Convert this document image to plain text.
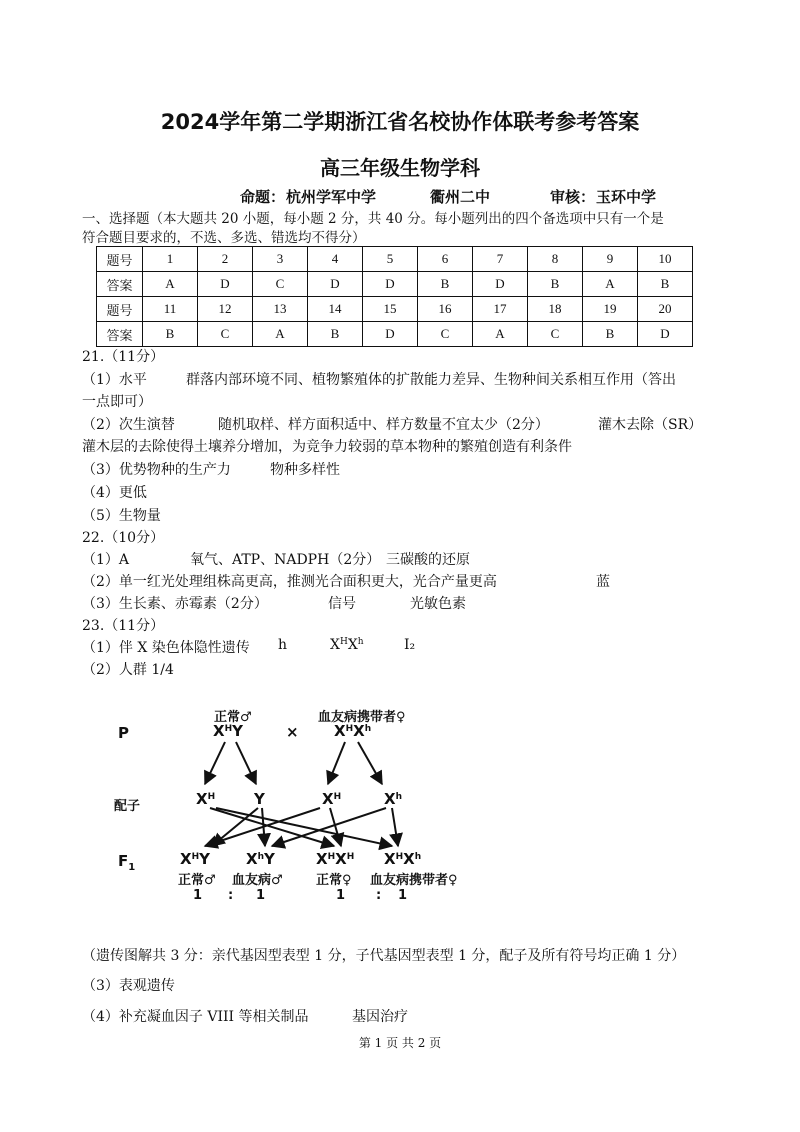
2024学年第二学期浙江省名校协作体联考参考答案
高三年级生物学科
命题： 杭州学军中学	衢州二中	审核： 玉环中学
一、选择题（本大题共 20 小题，每小题 2 分，共 40 分。每小题列出的四个备选项中只有一个是
符合题目要求的，不选、多选、错选均不得分）
题号	1	2	3	4	5	6	7	8	9	10
答案	A	D	C	D	D	B	D	B	A	B
题号	11	12	13	14	15	16	17	18	19	20
答案	B	C	A	B	D	C	A	C	B	D
21.（11分）
（1）水平	群落内部环境不同、植物繁殖体的扩散能力差异、生物种间关系相互作用（答出
一点即可）
（2）次生演替	随机取样、样方面积适中、样方数量不宜太少（2分）	灌木去除（SR）
灌木层的去除使得土壤养分增加，为竞争力较弱的草本物种的繁殖创造有利条件
（3）优势物种的生产力	物种多样性
（4）更低
（5）生物量
22.（10分）
（1）A	氧气、ATP、NADPH（2分） 三碳酸的还原
（2）单一红光处理组株高更高，推测光合面积更大，光合产量更高	蓝
（3）生长素、赤霉素（2分）	信号	光敏色素
23.（11分）
（1）伴 X 染色体隐性遗传 h	$X^HX^h$	I₂
（2）人群 1/4
正常♂	血友病携带者♀
P	$X^HY$	× $X^HX^h$
配子	$X^H$	Y	$X^H$	$X^h$
$F_1$	$X^HY$ $X^hY$	$X^HX^H$ $X^HX^h$
正常♂ 血友病♂	正常♀ 血友病携带者♀
1 : 1	1 : 1
（遗传图解共 3 分：亲代基因型表型 1 分，子代基因型表型 1 分，配子及所有符号均正确 1 分）
（3）表观遗传
（4）补充凝血因子 VIII 等相关制品	基因治疗
第 1 页 共 2 页
